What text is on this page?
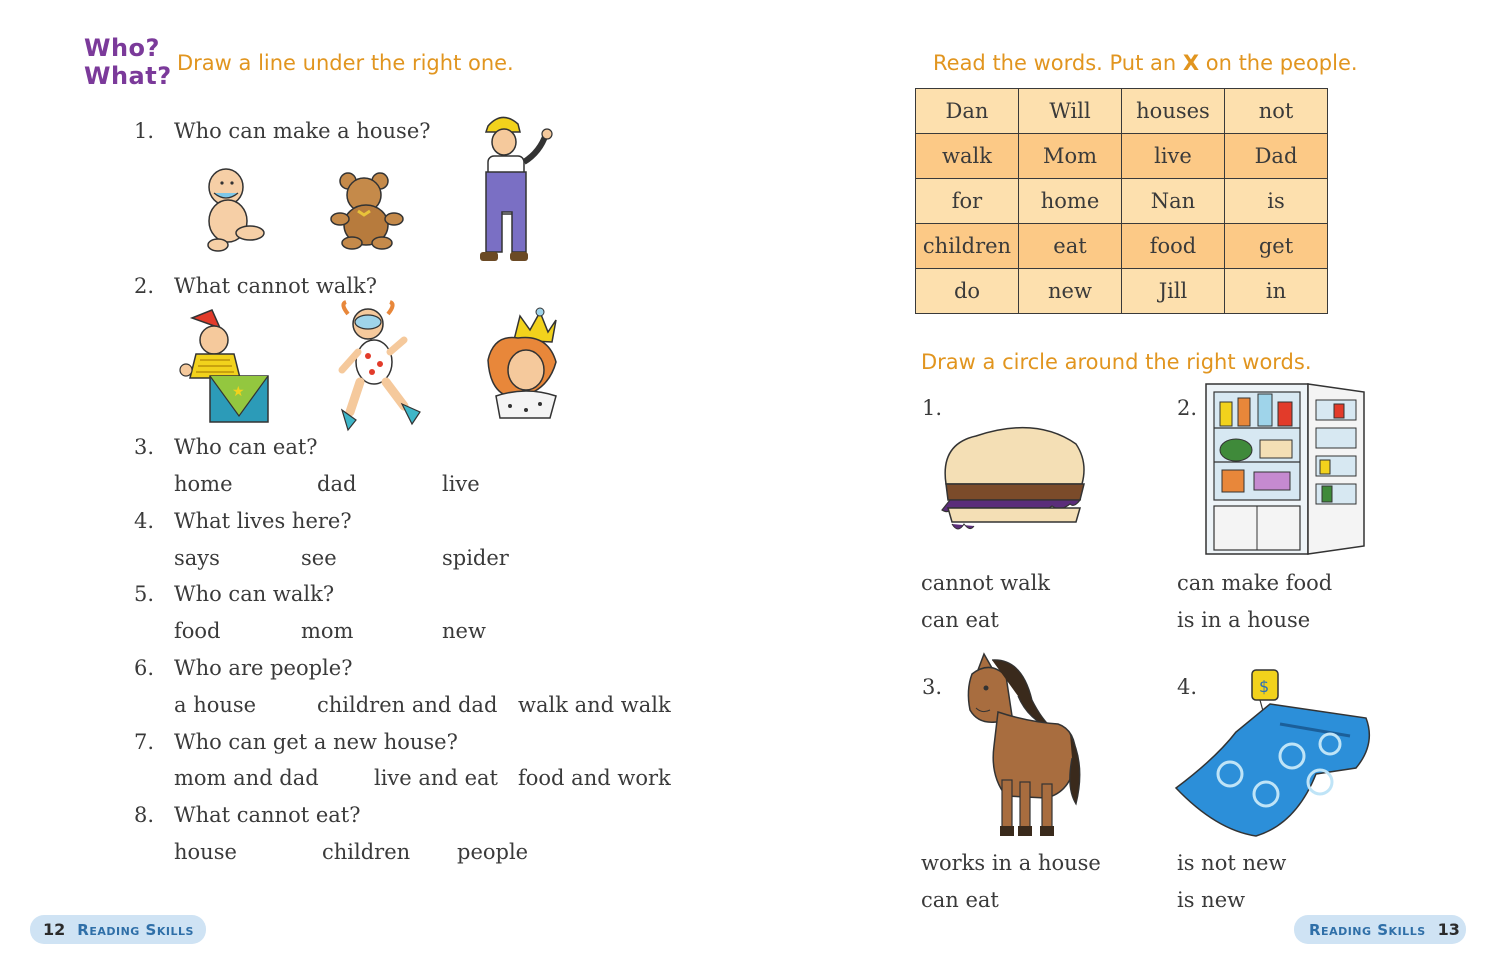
Who?
What? Draw a line under the right one.
1. Who can make a house?
2. What cannot walk?
★
3. Who can eat?
home	dad	live
4. What lives here?
says	see	spider
5. Who can walk?
food	mom	new
6. Who are people?
a house	children and dad walk and walk
7. Who can get a new house?
mom and dad	live and eat food and work
8. What cannot eat?
house	children people
12 Reading Skills
Read the words. Put an X on the people.
Dan	Will	houses	not
walk	Mom	live	Dad
for	home	Nan	is
children	eat	food	get
do	new	Jill	in
Draw a circle around the right words.
1.
cannot walk
can eat
2.
can make food
is in a house
3.
works in a house
can eat
4.	$
is not new
is new
Reading Skills 13
